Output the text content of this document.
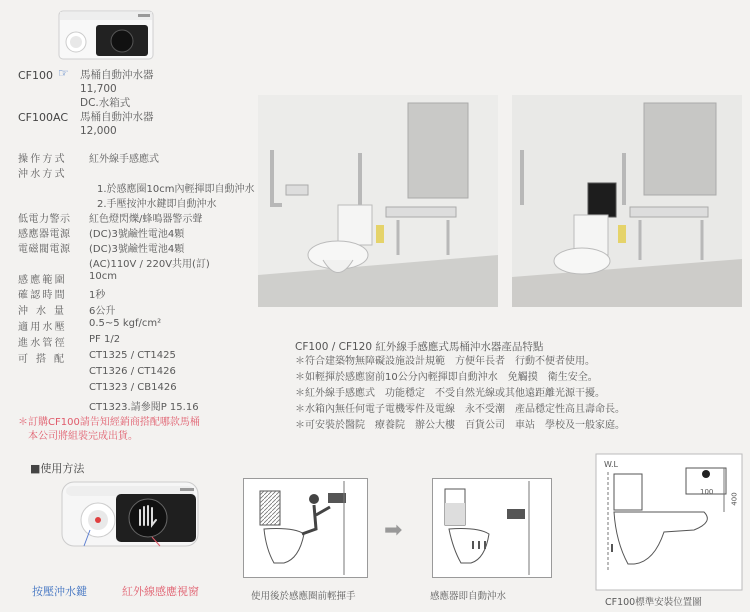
CF100 ☞ 馬桶自動沖水器
11,700
DC.水箱式
CF100AC 馬桶自動沖水器
12,000
操作方式	紅外線手感應式
沖水方式
1.於感應圈10cm內輕揮即自動沖水
2.手壓按沖水鍵即自動沖水
低電力警示	紅色燈閃爍/蜂鳴器警示聲
感應器電源	(DC)3號鹼性電池4顆
電磁閥電源	(DC)3號鹼性電池4顆
(AC)110V / 220V共用(訂)
感應範圍	10cm
確認時間	1秒
沖水量	6公升
適用水壓	0.5~5 kgf/cm²
進水管徑	PF 1/2
可搭配	CT1325 / CT1425
CT1326 / CT1426
CT1323 / CB1426
CT1323.請參閱P 15.16
＊訂購CF100請告知經銷商搭配哪款馬桶
本公司將組裝完成出貨。
CF100 / CF120 紅外線手感應式馬桶沖水器產品特點
＊符合建築物無障礙設施設計規範　方便年長者　行動不便者使用。
＊如輕揮於感應窗前10公分內輕揮即自動沖水　免觸摸　衛生安全。
＊紅外線手感應式　功能穩定　不受自然光線或其他遠距離光源干擾。
＊水箱內無任何電子電機零件及電線　永不受潮　產品穩定性高且壽命長。
＊可安裝於醫院　療養院　辦公大樓　百貨公司　車站　學校及一般家庭。
■使用方法
按壓沖水鍵	紅外線感應視窗
➡
使用後於感應圈前輕揮手	感應器即自動沖水
W.L
100
400
CF100標準安裝位置圖
